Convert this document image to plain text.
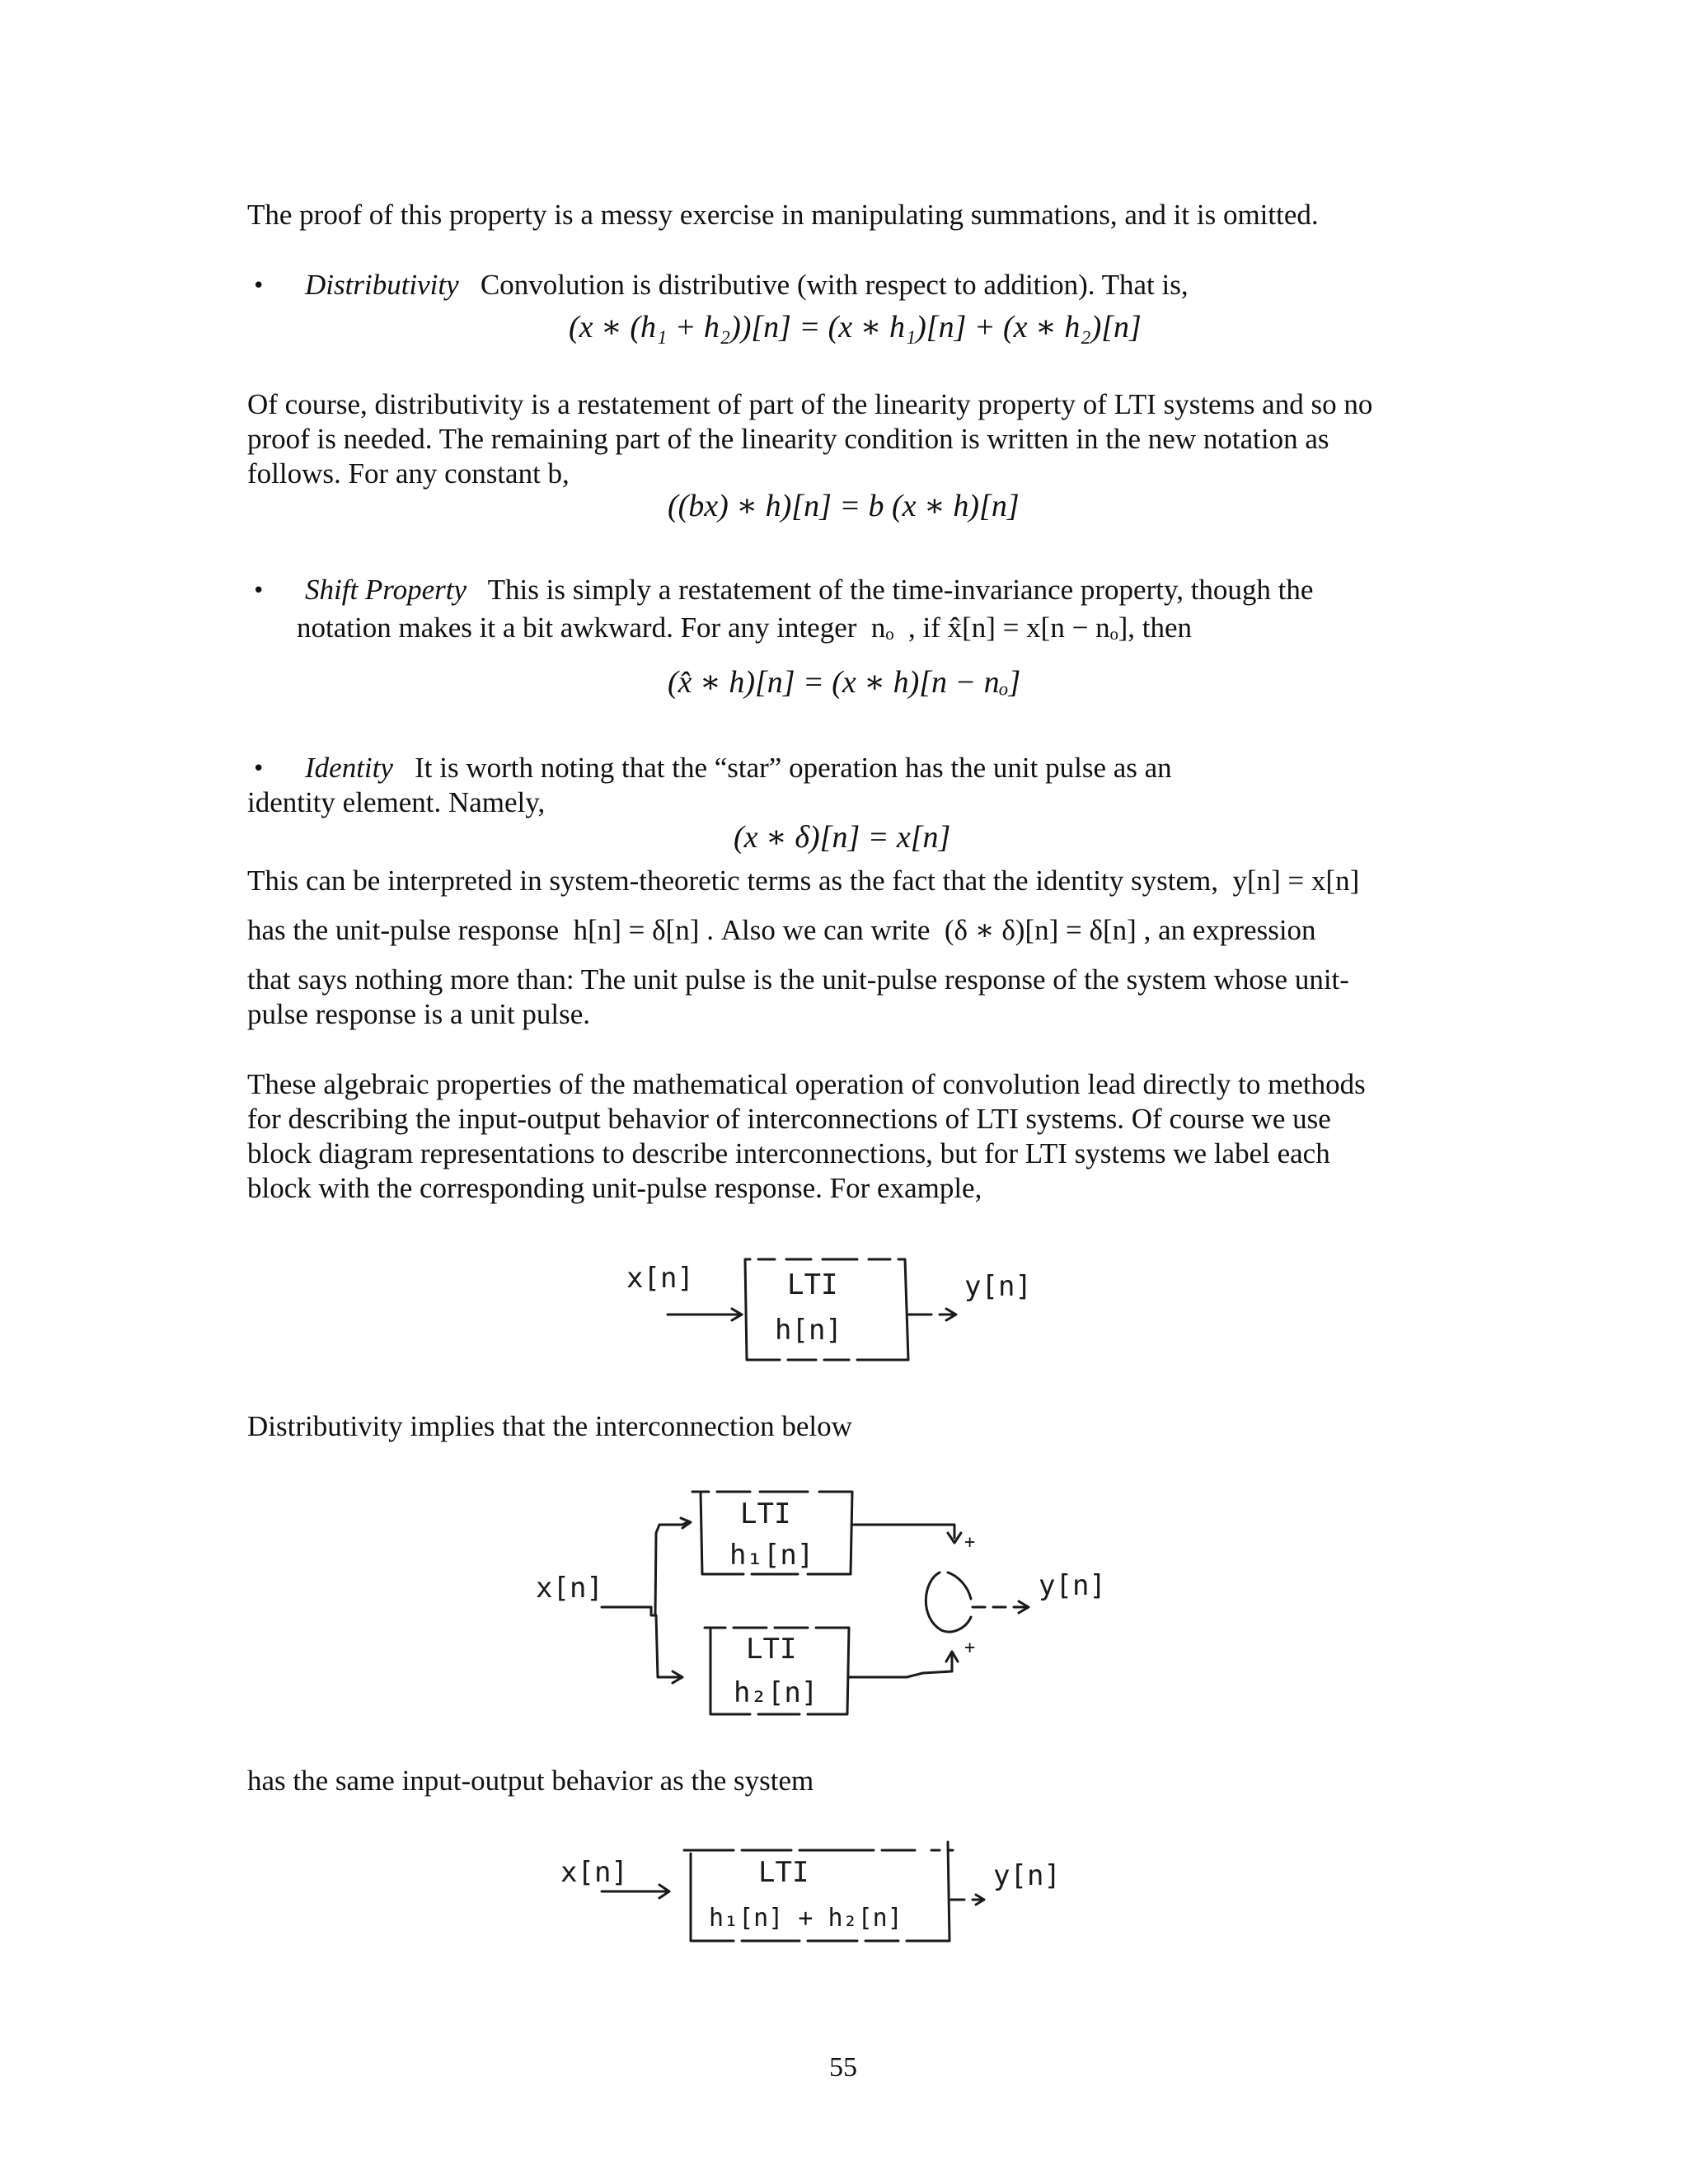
The proof of this property is a messy exercise in manipulating summations, and it is omitted.

• Distributivity Convolution is distributive (with respect to addition). That is,

(x ∗ (h₁ + h₂))[n] = (x ∗ h₁)[n] + (x ∗ h₂)[n]

Of course, distributivity is a restatement of part of the linearity property of LTI systems and so no

proof is needed. The remaining part of the linearity condition is written in the new notation as

follows. For any constant b,

((bx) ∗ h)[n] = b (x ∗ h)[n]

• Shift Property This is simply a restatement of the time-invariance property, though the

notation makes it a bit awkward. For any integer  nₒ  , if x̂[n] = x[n − nₒ], then

(x̂ ∗ h)[n] = (x ∗ h)[n − nₒ]

• Identity It is worth noting that the “star” operation has the unit pulse as an

identity element. Namely,

(x ∗ δ)[n] = x[n]

This can be interpreted in system-theoretic terms as the fact that the identity system,  y[n] = x[n]

has the unit-pulse response  h[n] = δ[n] . Also we can write  (δ ∗ δ)[n] = δ[n] , an expression

that says nothing more than: The unit pulse is the unit-pulse response of the system whose unit-

pulse response is a unit pulse.

These algebraic properties of the mathematical operation of convolution lead directly to methods

for describing the input-output behavior of interconnections of LTI systems. Of course we use

block diagram representations to describe interconnections, but for LTI systems we label each

block with the corresponding unit-pulse response. For example,

x[n]	LTI
h[n]
y[n]

Distributivity implies that the interconnection below

x[n]
LTI
h₁[n]
LTI
h₂[n]
+
+
y[n]

has the same input-output behavior as the system

x[n]	LTI
h₁[n] + h₂[n]
y[n]
55
